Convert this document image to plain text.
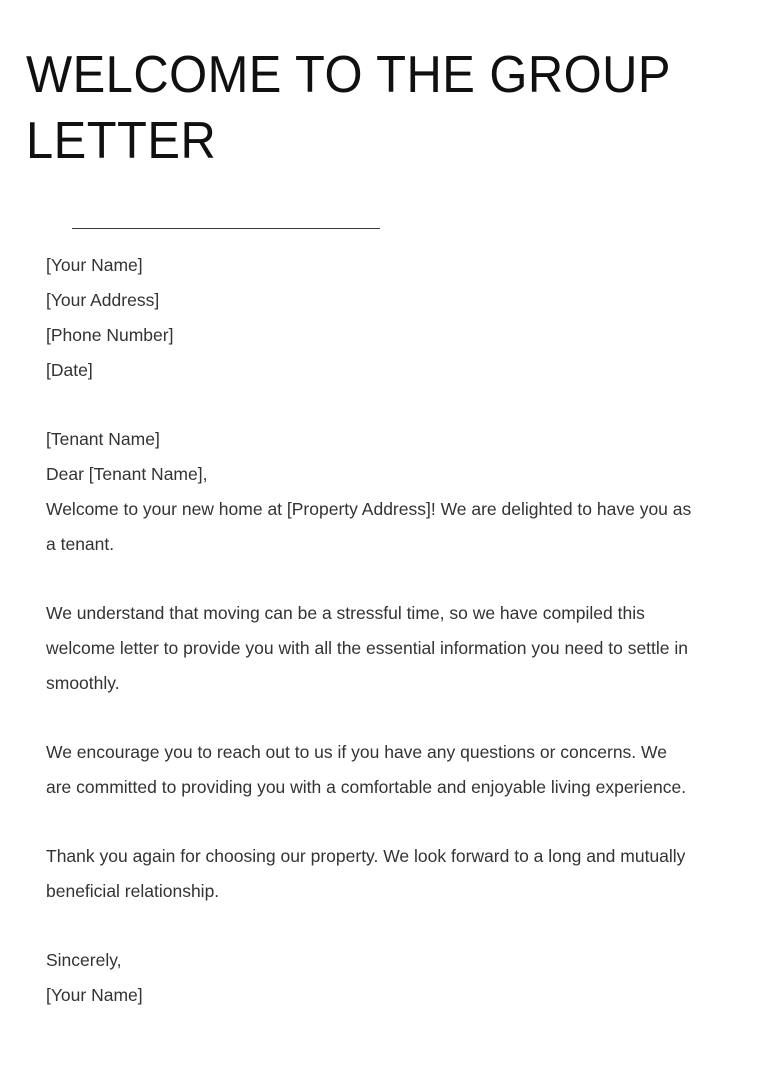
WELCOME TO THE GROUP LETTER
[Your Name]
[Your Address]
[Phone Number]
[Date]
[Tenant Name]
Dear [Tenant Name],

Welcome to your new home at [Property Address]! We are delighted to have you as a tenant.

We understand that moving can be a stressful time, so we have compiled this welcome letter to provide you with all the essential information you need to settle in smoothly.

We encourage you to reach out to us if you have any questions or concerns. We are committed to providing you with a comfortable and enjoyable living experience.

Thank you again for choosing our property. We look forward to a long and mutually beneficial relationship.

Sincerely,
[Your Name]
